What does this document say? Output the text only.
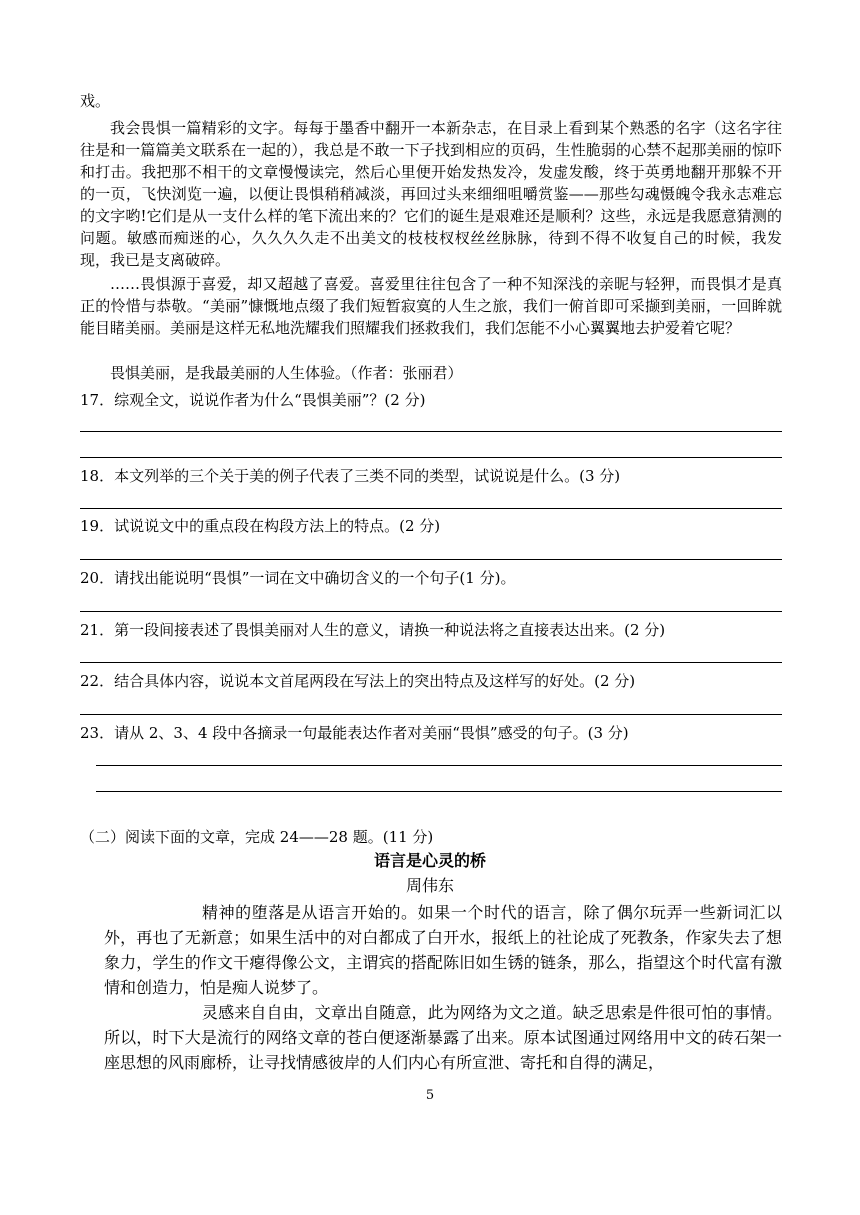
戏。

我会畏惧一篇精彩的文字。每每于墨香中翻开一本新杂志，在目录上看到某个熟悉的名字（这名字往往是和一篇篇美文联系在一起的），我总是不敢一下子找到相应的页码，生性脆弱的心禁不起那美丽的惊吓和打击。我把那不相干的文章慢慢读完，然后心里便开始发热发冷，发虚发酸，终于英勇地翻开那躲不开的一页，飞快浏览一遍，以便让畏惧稍稍减淡，再回过头来细细咀嚼赏鉴——那些勾魂慑魄令我永志难忘的文字哟!它们是从一支什么样的笔下流出来的？它们的诞生是艰难还是顺利？这些，永远是我愿意猜测的问题。敏感而痴迷的心，久久久久走不出美文的枝枝杈杈丝丝脉脉，待到不得不收复自己的时候，我发现，我已是支离破碎。

……畏惧源于喜爱，却又超越了喜爱。喜爱里往往包含了一种不知深浅的亲昵与轻狎，而畏惧才是真正的怜惜与恭敬。“美丽”慷慨地点缀了我们短暂寂寞的人生之旅，我们一俯首即可采撷到美丽，一回眸就能目睹美丽。美丽是这样无私地洗耀我们照耀我们拯救我们，我们怎能不小心翼翼地去护爱着它呢？

畏惧美丽，是我最美丽的人生体验。（作者：张丽君）

17．综观全文，说说作者为什么“畏惧美丽”？(2 分)

18．本文列举的三个关于美的例子代表了三类不同的类型，试说说是什么。(3 分)

19．试说说文中的重点段在构段方法上的特点。(2 分)

20．请找出能说明“畏惧”一词在文中确切含义的一个句子(1 分)。

21．第一段间接表述了畏惧美丽对人生的意义，请换一种说法将之直接表达出来。(2 分)

22．结合具体内容，说说本文首尾两段在写法上的突出特点及这样写的好处。(2 分)

23．请从 2、3、4 段中各摘录一句最能表达作者对美丽“畏惧”感受的句子。(3 分)

（二）阅读下面的文章，完成 24——28 题。(11 分)

语言是心灵的桥

周伟东

精神的堕落是从语言开始的。如果一个时代的语言，除了偶尔玩弄一些新词汇以外，再也了无新意；如果生活中的对白都成了白开水，报纸上的社论成了死教条，作家失去了想象力，学生的作文干瘪得像公文，主谓宾的搭配陈旧如生锈的链条，那么，指望这个时代富有激情和创造力，怕是痴人说梦了。

灵感来自自由，文章出自随意，此为网络为文之道。缺乏思索是件很可怕的事情。所以，时下大是流行的网络文章的苍白便逐渐暴露了出来。原本试图通过网络用中文的砖石架一座思想的风雨廊桥，让寻找情感彼岸的人们内心有所宣泄、寄托和自得的满足，

5
